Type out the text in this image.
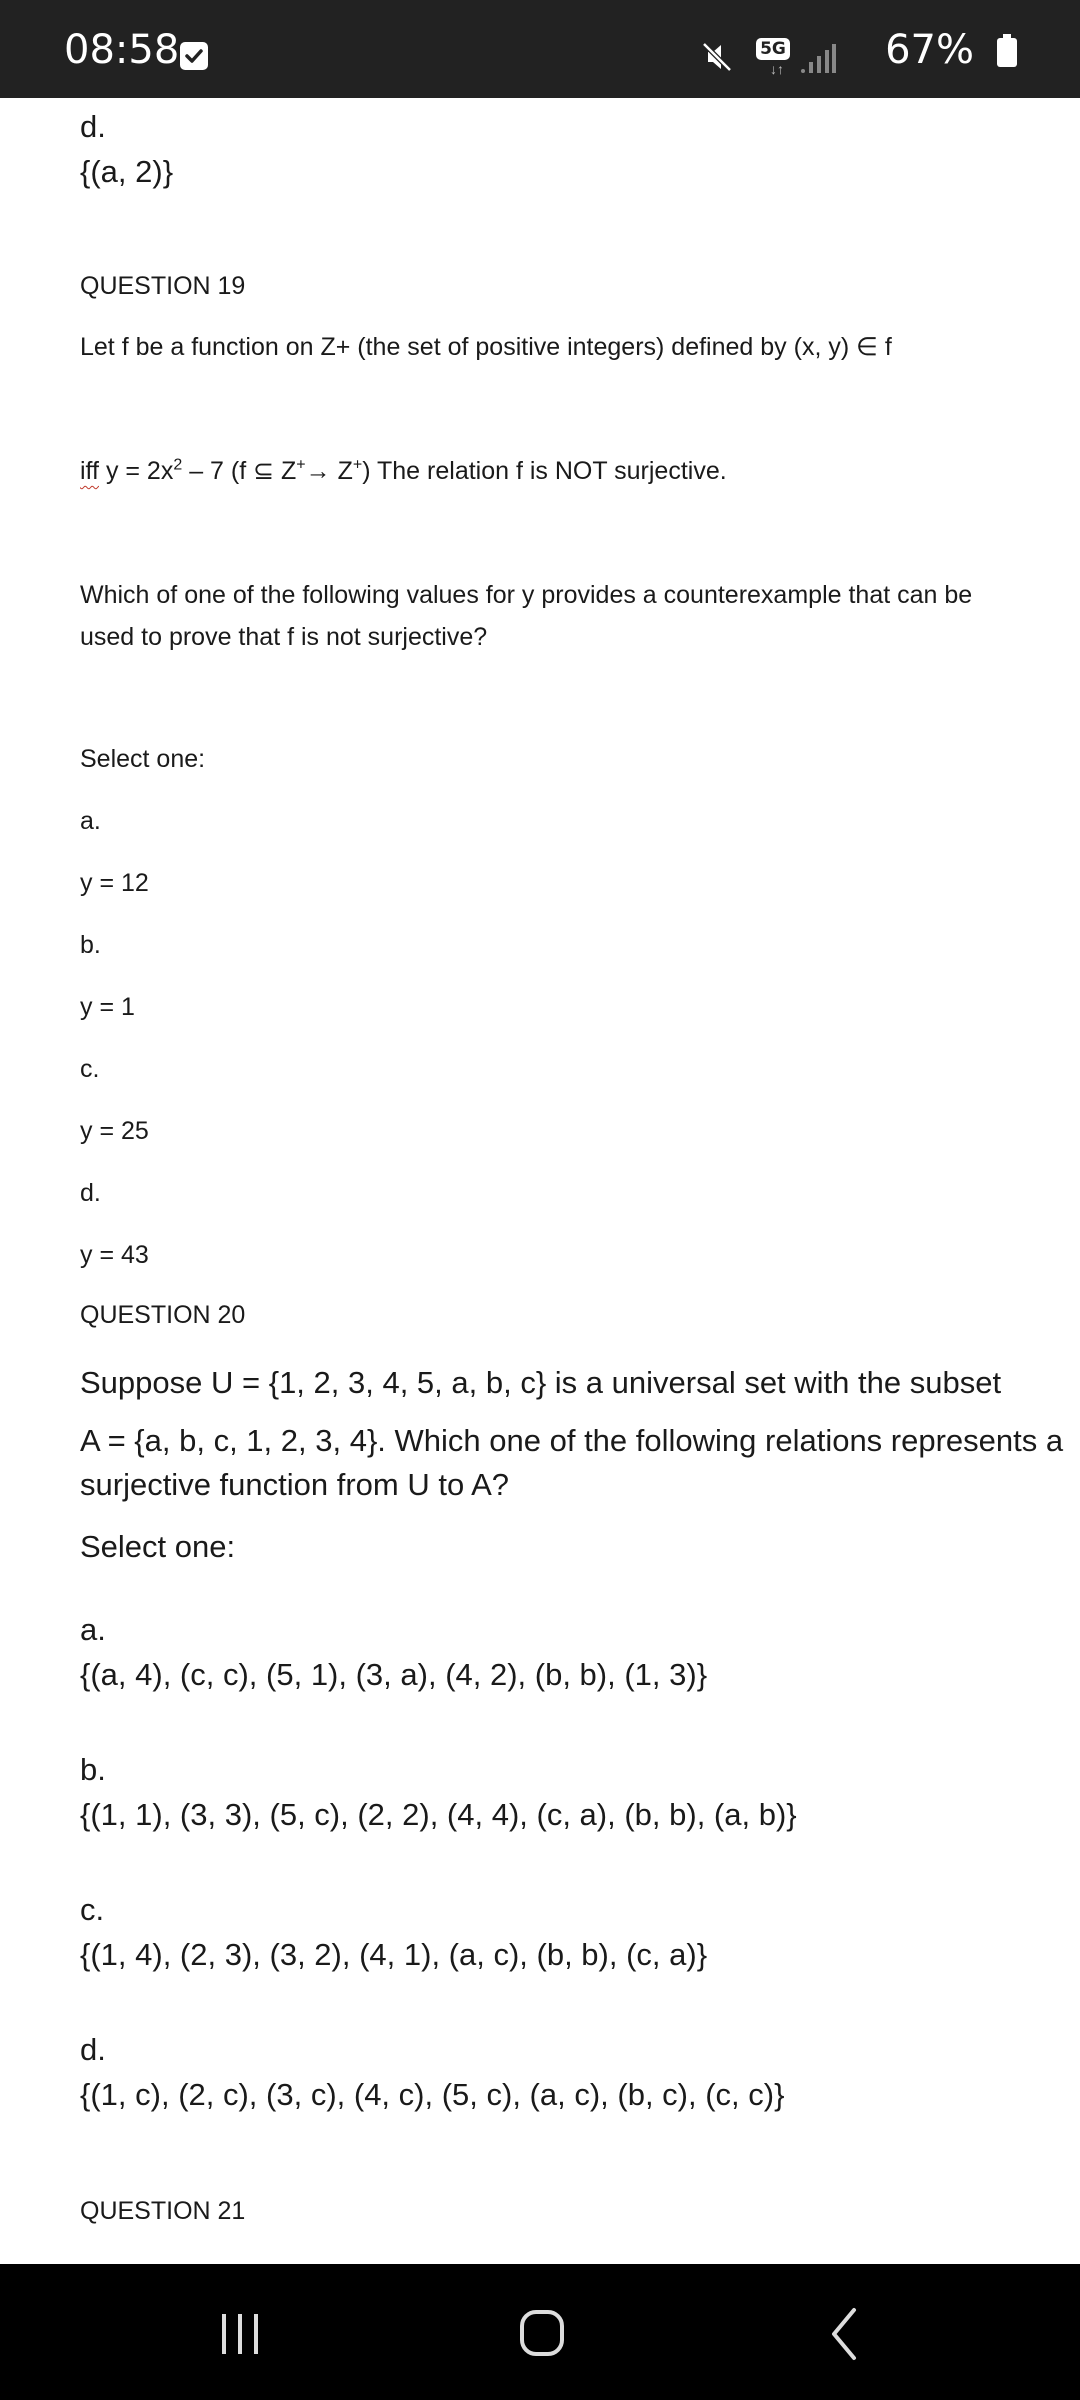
08:58	5G
↓↑	67%
d.
{(a, 2)}
QUESTION 19
Let f be a function on Z+ (the set of positive integers) defined by (x, y) ∈ f
iff $y = 2x^2 - 7$ (f ⊆ Z+→ Z+) The relation f is NOT surjective.
Which of one of the following values for y provides a counterexample that can be
used to prove that f is not surjective?
Select one:
a.
y = 12
b.
y = 1
c.
y = 25
d.
y = 43
QUESTION 20
Suppose U = {1, 2, 3, 4, 5, a, b, c} is a universal set with the subset
A = {a, b, c, 1, 2, 3, 4}. Which one of the following relations represents a
surjective function from U to A?
Select one:
a.
{(a, 4), (c, c), (5, 1), (3, a), (4, 2), (b, b), (1, 3)}
b.
{(1, 1), (3, 3), (5, c), (2, 2), (4, 4), (c, a), (b, b), (a, b)}
c.
{(1, 4), (2, 3), (3, 2), (4, 1), (a, c), (b, b), (c, a)}
d.
{(1, c), (2, c), (3, c), (4, c), (5, c), (a, c), (b, c), (c, c)}
QUESTION 21
